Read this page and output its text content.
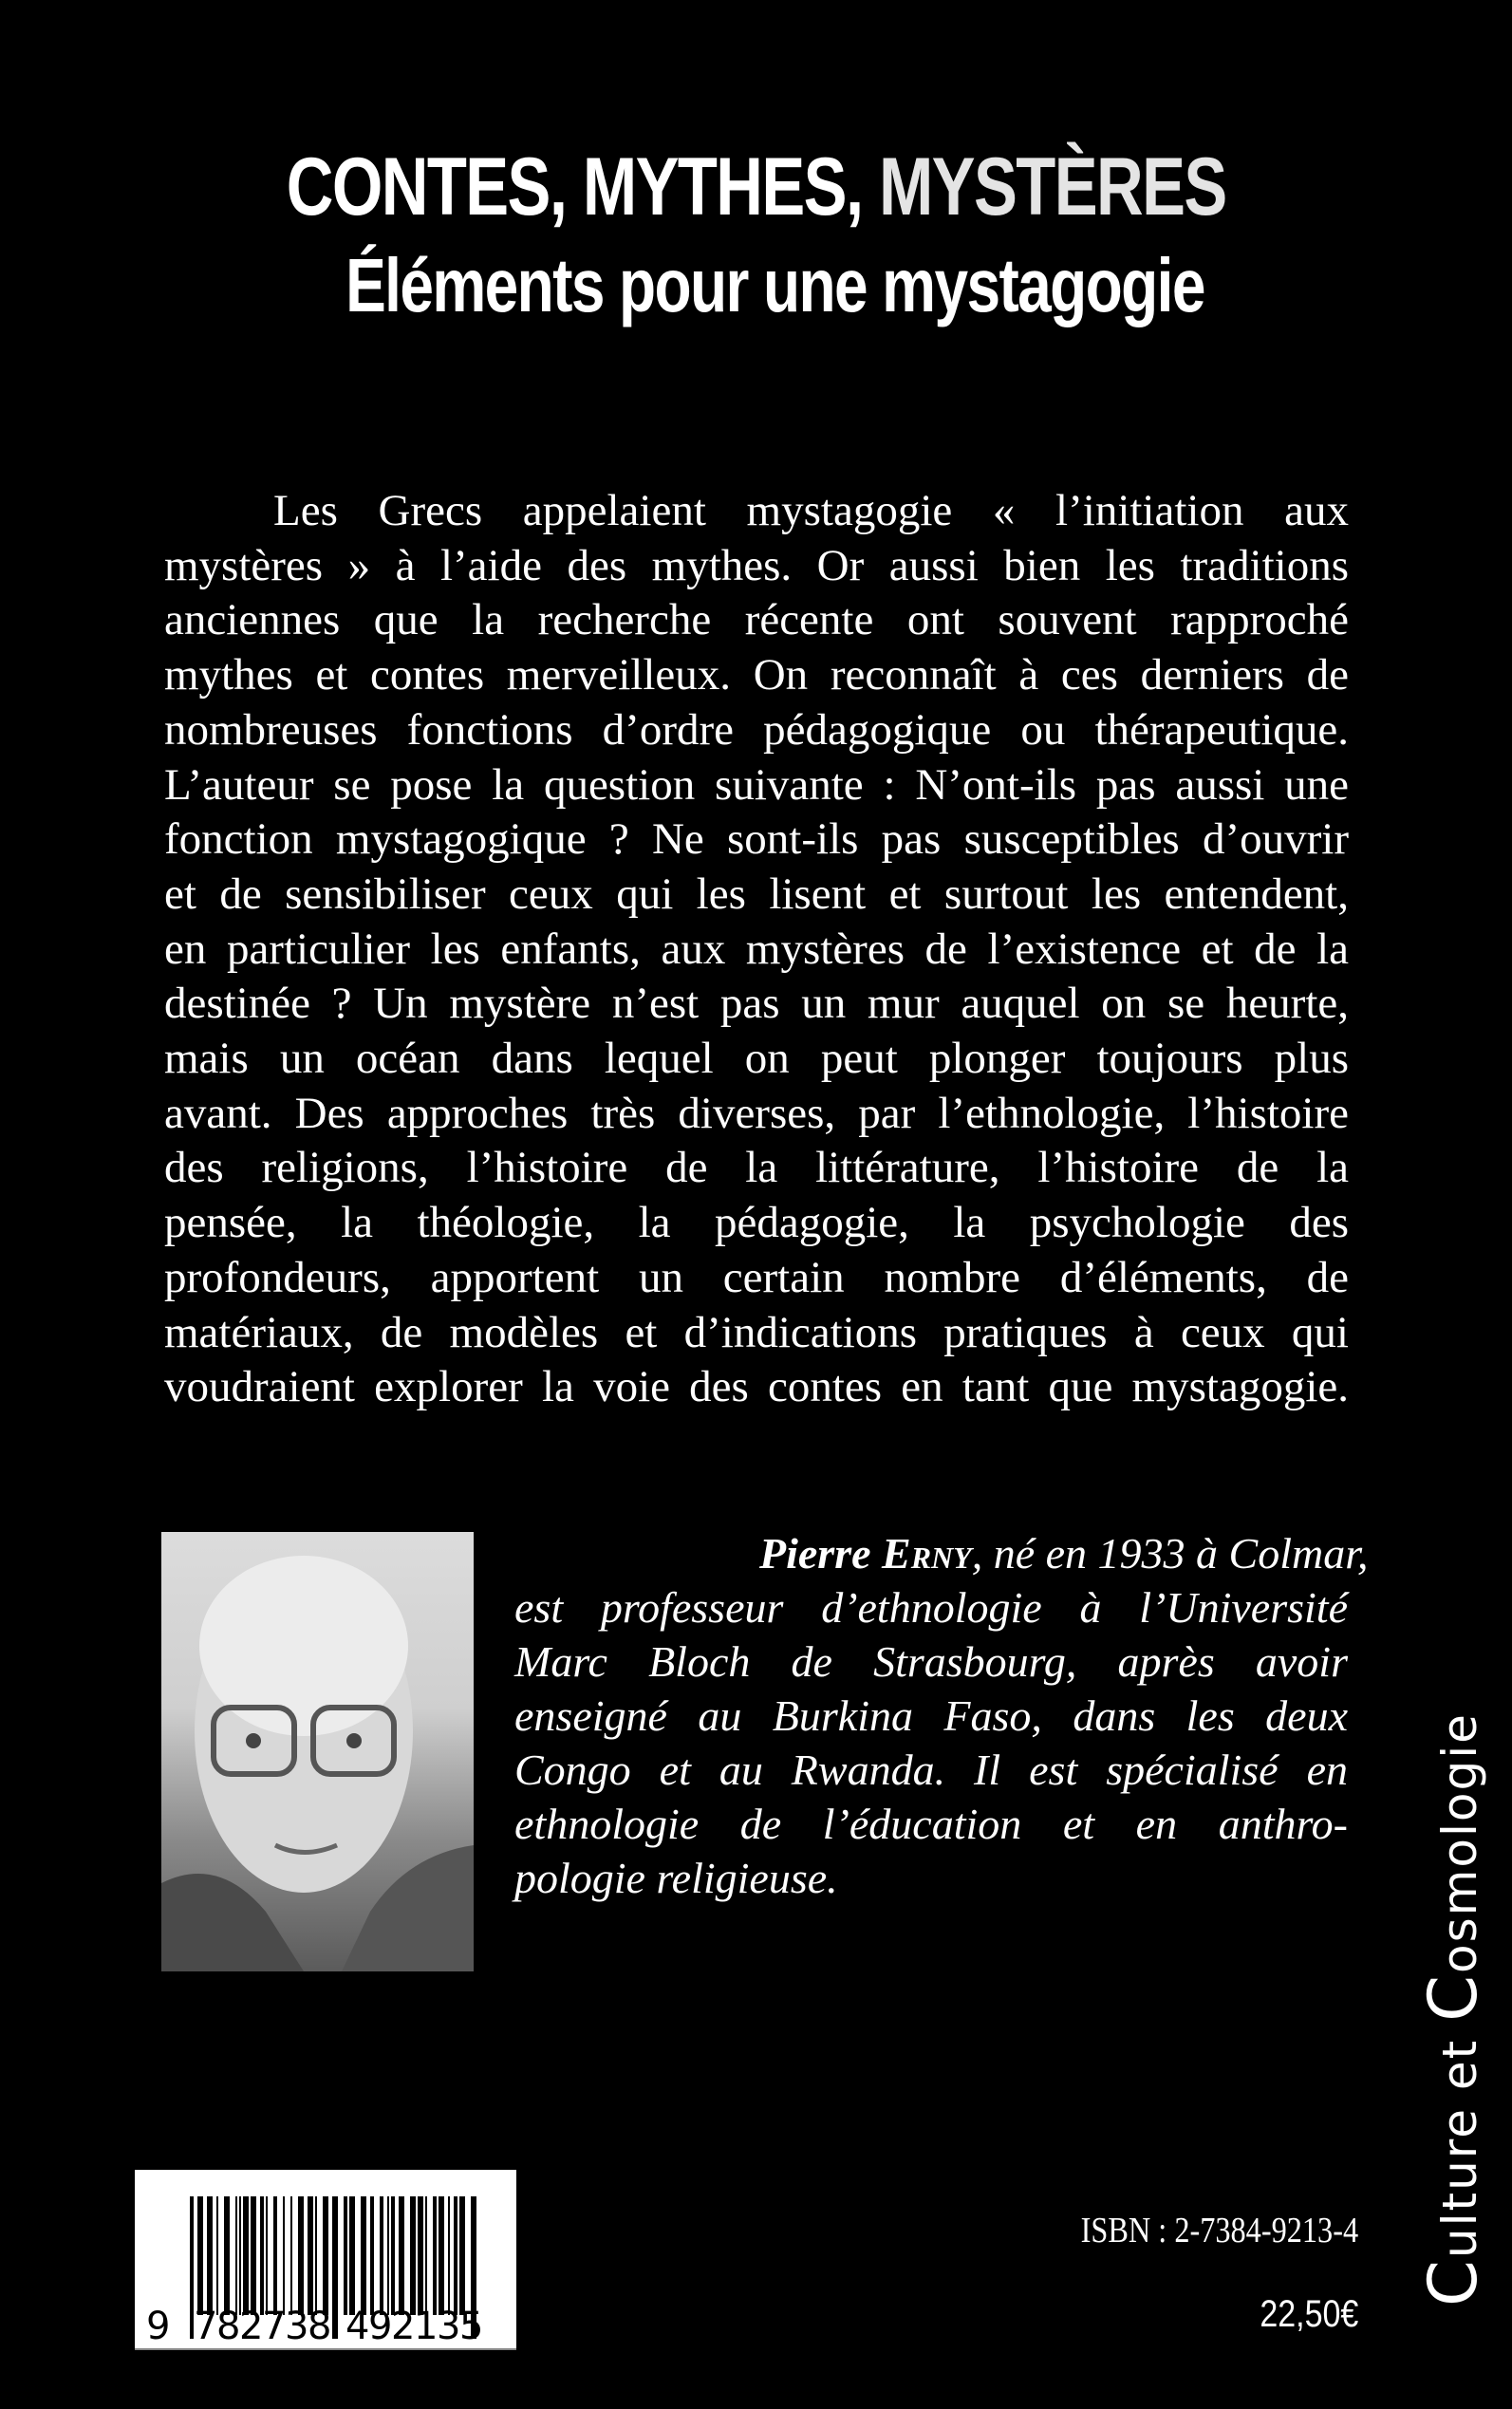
CONTES, MYTHES, MYSTÈRES
Éléments pour une mystagogie
Les Grecs appelaient mystagogie « l’initiation aux
mystères » à l’aide des mythes. Or aussi bien les traditions
anciennes que la recherche récente ont souvent rapproché
mythes et contes merveilleux. On reconnaît à ces derniers de
nombreuses fonctions d’ordre pédagogique ou thérapeutique.
L’auteur se pose la question suivante : N’ont-ils pas aussi une
fonction mystagogique ? Ne sont-ils pas susceptibles d’ouvrir
et de sensibiliser ceux qui les lisent et surtout les entendent,
en particulier les enfants, aux mystères de l’existence et de la
destinée ? Un mystère n’est pas un mur auquel on se heurte,
mais un océan dans lequel on peut plonger toujours plus
avant. Des approches très diverses, par l’ethnologie, l’histoire
des religions, l’histoire de la littérature, l’histoire de la
pensée, la théologie, la pédagogie, la psychologie des
profondeurs, apportent un certain nombre d’éléments, de
matériaux, de modèles et d’indications pratiques à ceux qui
voudraient explorer la voie des contes en tant que mystagogie.
Pierre Erny, né en 1933 à Colmar,
est professeur d’ethnologie à l’Université
Marc Bloch de Strasbourg, après avoir
enseigné au Burkina Faso, dans les deux
Congo et au Rwanda. Il est spécialisé en
ethnologie de l’éducation et en anthro-
pologie religieuse.
Culture et Cosmologie
9 7
8
2
7
3
8 4
9
2
1
3
5
ISBN : 2-7384-9213-4
22,50€
